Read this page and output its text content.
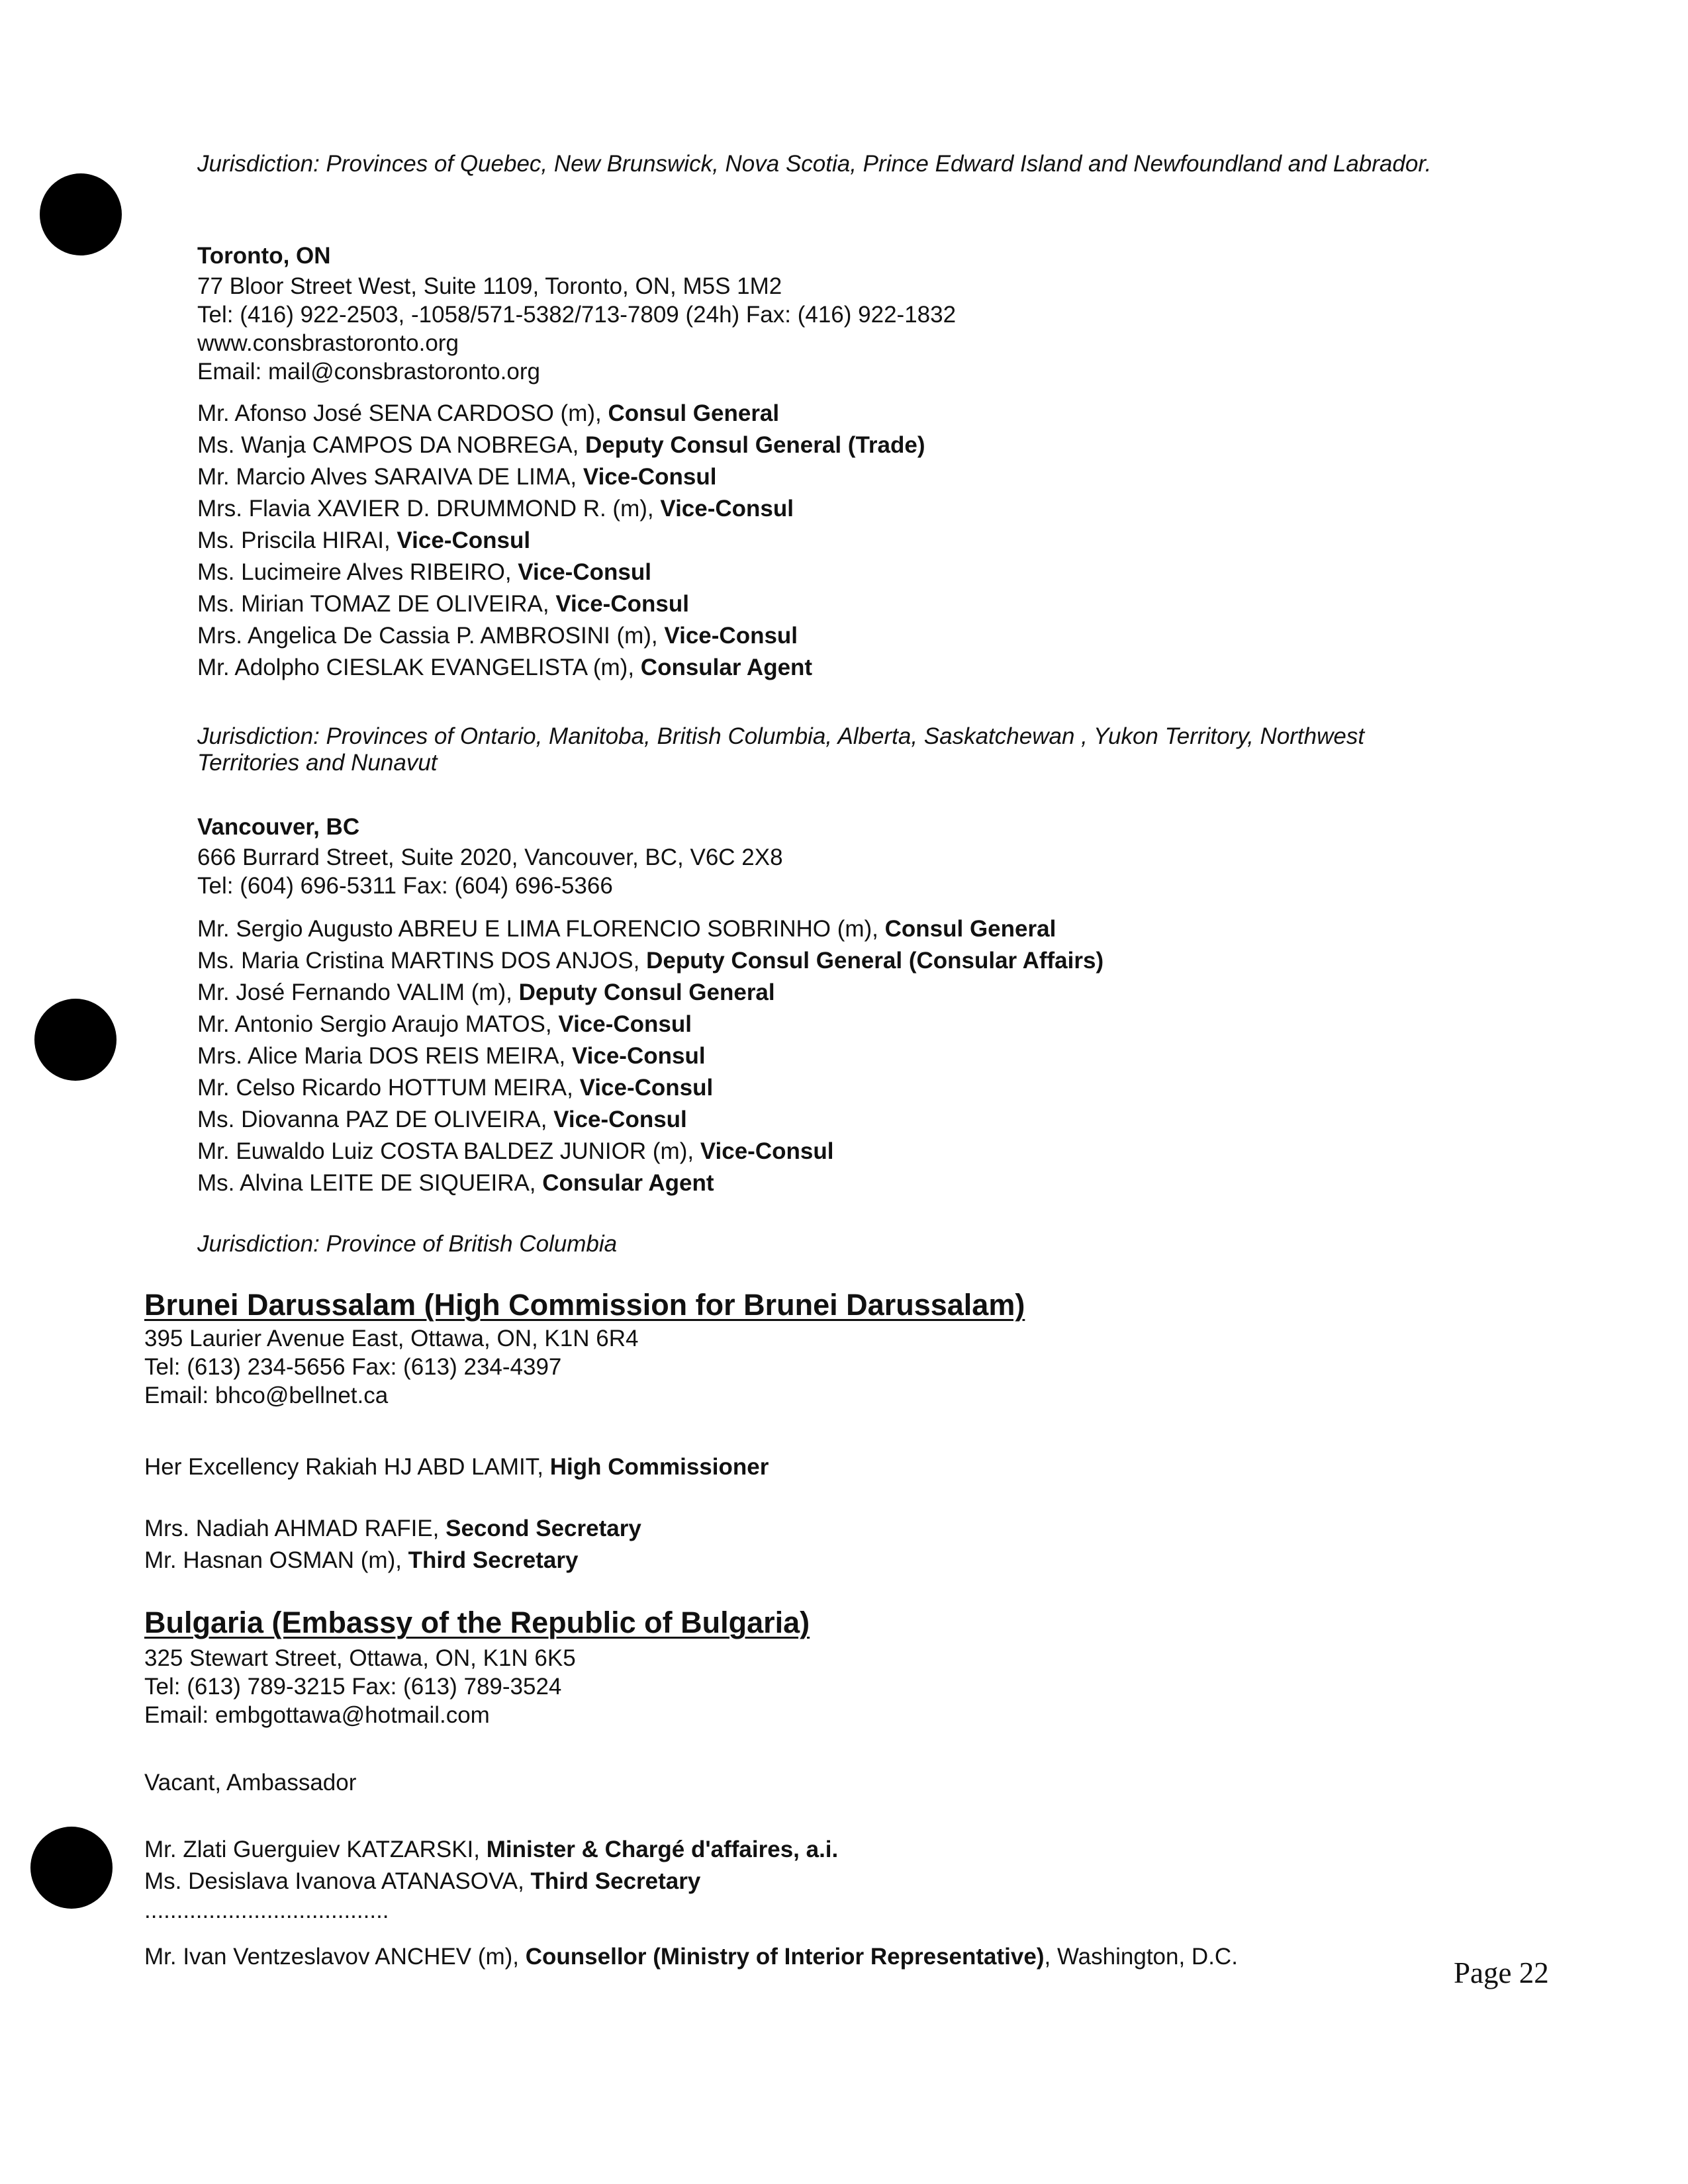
Jurisdiction: Provinces of Quebec, New Brunswick, Nova Scotia, Prince Edward Island and Newfoundland and Labrador.
Toronto, ON
77 Bloor Street West, Suite 1109, Toronto, ON, M5S 1M2
Tel: (416) 922-2503, -1058/571-5382/713-7809 (24h) Fax: (416) 922-1832
www.consbrastoronto.org
Email: mail@consbrastoronto.org
Mr. Afonso José SENA CARDOSO (m), Consul General
Ms. Wanja CAMPOS DA NOBREGA, Deputy Consul General (Trade)
Mr. Marcio Alves SARAIVA DE LIMA, Vice-Consul
Mrs. Flavia XAVIER D. DRUMMOND R. (m), Vice-Consul
Ms. Priscila HIRAI, Vice-Consul
Ms. Lucimeire Alves RIBEIRO, Vice-Consul
Ms. Mirian TOMAZ DE OLIVEIRA, Vice-Consul
Mrs. Angelica De Cassia P. AMBROSINI (m), Vice-Consul
Mr. Adolpho CIESLAK EVANGELISTA (m), Consular Agent
Jurisdiction: Provinces of Ontario, Manitoba, British Columbia, Alberta, Saskatchewan , Yukon Territory, Northwest
Territories and Nunavut
Vancouver, BC
666 Burrard Street, Suite 2020, Vancouver, BC, V6C 2X8
Tel: (604) 696-5311 Fax: (604) 696-5366
Mr. Sergio Augusto ABREU E LIMA FLORENCIO SOBRINHO (m), Consul General
Ms. Maria Cristina MARTINS DOS ANJOS, Deputy Consul General (Consular Affairs)
Mr. José Fernando VALIM (m), Deputy Consul General
Mr. Antonio Sergio Araujo MATOS, Vice-Consul
Mrs. Alice Maria DOS REIS MEIRA, Vice-Consul
Mr. Celso Ricardo HOTTUM MEIRA, Vice-Consul
Ms. Diovanna PAZ DE OLIVEIRA, Vice-Consul
Mr. Euwaldo Luiz COSTA BALDEZ JUNIOR (m), Vice-Consul
Ms. Alvina LEITE DE SIQUEIRA, Consular Agent
Jurisdiction: Province of British Columbia
Brunei Darussalam (High Commission for Brunei Darussalam)
395 Laurier Avenue East, Ottawa, ON, K1N 6R4
Tel: (613) 234-5656 Fax: (613) 234-4397
Email: bhco@bellnet.ca
Her Excellency Rakiah HJ ABD LAMIT, High Commissioner
Mrs. Nadiah AHMAD RAFIE, Second Secretary
Mr. Hasnan OSMAN (m), Third Secretary
Bulgaria (Embassy of the Republic of Bulgaria)
325 Stewart Street, Ottawa, ON, K1N 6K5
Tel: (613) 789-3215 Fax: (613) 789-3524
Email: embgottawa@hotmail.com
Vacant, Ambassador
Mr. Zlati Guerguiev KATZARSKI, Minister & Chargé d'affaires, a.i.
Ms. Desislava Ivanova ATANASOVA, Third Secretary
......................................
Mr. Ivan Ventzeslavov ANCHEV (m), Counsellor (Ministry of Interior Representative), Washington, D.C.	Page 22
